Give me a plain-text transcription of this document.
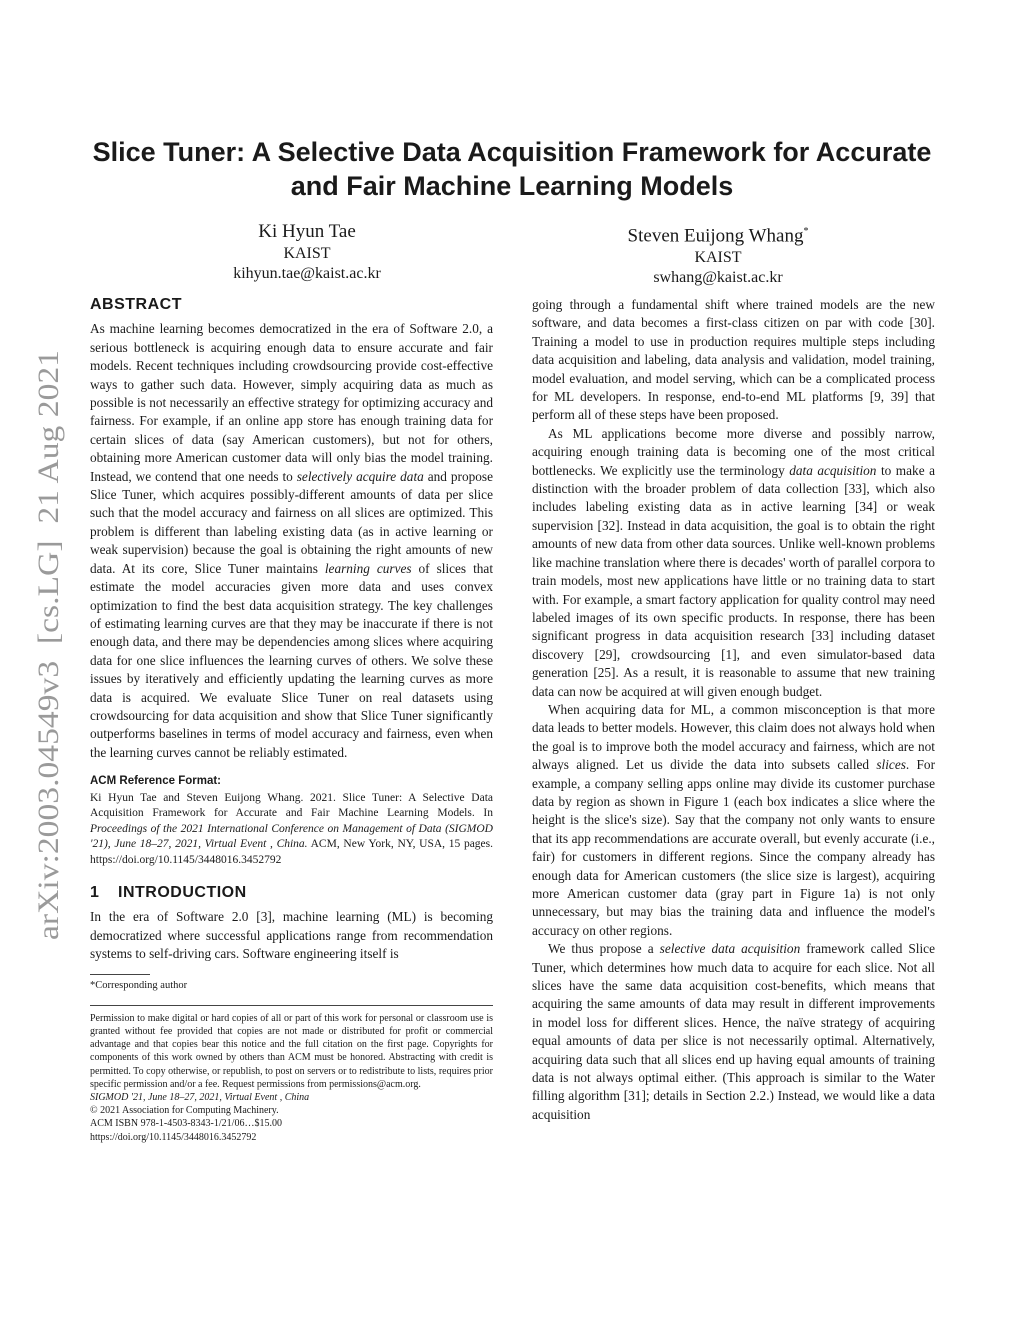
arXiv:2003.04549v3  [cs.LG]  21 Aug 2021
Slice Tuner: A Selective Data Acquisition Framework for Accurate and Fair Machine Learning Models
Ki Hyun Tae
KAIST
kihyun.tae@kaist.ac.kr
Steven Euijong Whang*
KAIST
swhang@kaist.ac.kr
ABSTRACT

As machine learning becomes democratized in the era of Software 2.0, a serious bottleneck is acquiring enough data to ensure accurate and fair models. Recent techniques including crowdsourcing provide cost-effective ways to gather such data. However, simply acquiring data as much as possible is not necessarily an effective strategy for optimizing accuracy and fairness. For example, if an online app store has enough training data for certain slices of data (say American customers), but not for others, obtaining more American customer data will only bias the model training. Instead, we contend that one needs to selectively acquire data and propose Slice Tuner, which acquires possibly-different amounts of data per slice such that the model accuracy and fairness on all slices are optimized. This problem is different than labeling existing data (as in active learning or weak supervision) because the goal is obtaining the right amounts of new data. At its core, Slice Tuner maintains learning curves of slices that estimate the model accuracies given more data and uses convex optimization to find the best data acquisition strategy. The key challenges of estimating learning curves are that they may be inaccurate if there is not enough data, and there may be dependencies among slices where acquiring data for one slice influences the learning curves of others. We solve these issues by iteratively and efficiently updating the learning curves as more data is acquired. We evaluate Slice Tuner on real datasets using crowdsourcing for data acquisition and show that Slice Tuner significantly outperforms baselines in terms of model accuracy and fairness, even when the learning curves cannot be reliably estimated.

ACM Reference Format:

Ki Hyun Tae and Steven Euijong Whang. 2021. Slice Tuner: A Selective Data Acquisition Framework for Accurate and Fair Machine Learning Models. In Proceedings of the 2021 International Conference on Management of Data (SIGMOD '21), June 18–27, 2021, Virtual Event , China. ACM, New York, NY, USA, 15 pages. https://doi.org/10.1145/3448016.3452792

1 INTRODUCTION

In the era of Software 2.0 [3], machine learning (ML) is becoming democratized where successful applications range from recommendation systems to self-driving cars. Software engineering itself is

*Corresponding author
Permission to make digital or hard copies of all or part of this work for personal or classroom use is granted without fee provided that copies are not made or distributed for profit or commercial advantage and that copies bear this notice and the full citation on the first page. Copyrights for components of this work owned by others than ACM must be honored. Abstracting with credit is permitted. To copy otherwise, or republish, to post on servers or to redistribute to lists, requires prior specific permission and/or a fee. Request permissions from permissions@acm.org.
SIGMOD '21, June 18–27, 2021, Virtual Event , China
© 2021 Association for Computing Machinery.
ACM ISBN 978-1-4503-8343-1/21/06…$15.00
https://doi.org/10.1145/3448016.3452792

going through a fundamental shift where trained models are the new software, and data becomes a first-class citizen on par with code [30]. Training a model to use in production requires multiple steps including data acquisition and labeling, data analysis and validation, model training, model evaluation, and model serving, which can be a complicated process for ML developers. In response, end-to-end ML platforms [9, 39] that perform all of these steps have been proposed.

As ML applications become more diverse and possibly narrow, acquiring enough training data is becoming one of the most critical bottlenecks. We explicitly use the terminology data acquisition to make a distinction with the broader problem of data collection [33], which also includes labeling existing data as in active learning [34] or weak supervision [32]. Instead in data acquisition, the goal is to obtain the right amounts of new data from other data sources. Unlike well-known problems like machine translation where there is decades' worth of parallel corpora to train models, most new applications have little or no training data to start with. For example, a smart factory application for quality control may need labeled images of its own specific products. In response, there has been significant progress in data acquisition research [33] including dataset discovery [29], crowdsourcing [1], and even simulator-based data generation [25]. As a result, it is reasonable to assume that new training data can now be acquired at will given enough budget.

When acquiring data for ML, a common misconception is that more data leads to better models. However, this claim does not always hold when the goal is to improve both the model accuracy and fairness, which are not always aligned. Let us divide the data into subsets called slices. For example, a company selling apps online may divide its customer purchase data by region as shown in Figure 1 (each box indicates a slice where the height is the slice's size). Say that the company not only wants to ensure that its app recommendations are accurate overall, but evenly accurate (i.e., fair) for customers in different regions. Since the company already has enough data for American customers (the slice size is largest), acquiring more American customer data (gray part in Figure 1a) is not only unnecessary, but may bias the training data and influence the model's accuracy on other regions.

We thus propose a selective data acquisition framework called Slice Tuner, which determines how much data to acquire for each slice. Not all slices have the same data acquisition cost-benefits, which means that acquiring the same amounts of data may result in different improvements in model loss for different slices. Hence, the naïve strategy of acquiring equal amounts of data per slice is not necessarily optimal. Alternatively, acquiring data such that all slices end up having equal amounts of training data is not always optimal either. (This approach is similar to the Water filling algorithm [31]; details in Section 2.2.) Instead, we would like a data acquisition
